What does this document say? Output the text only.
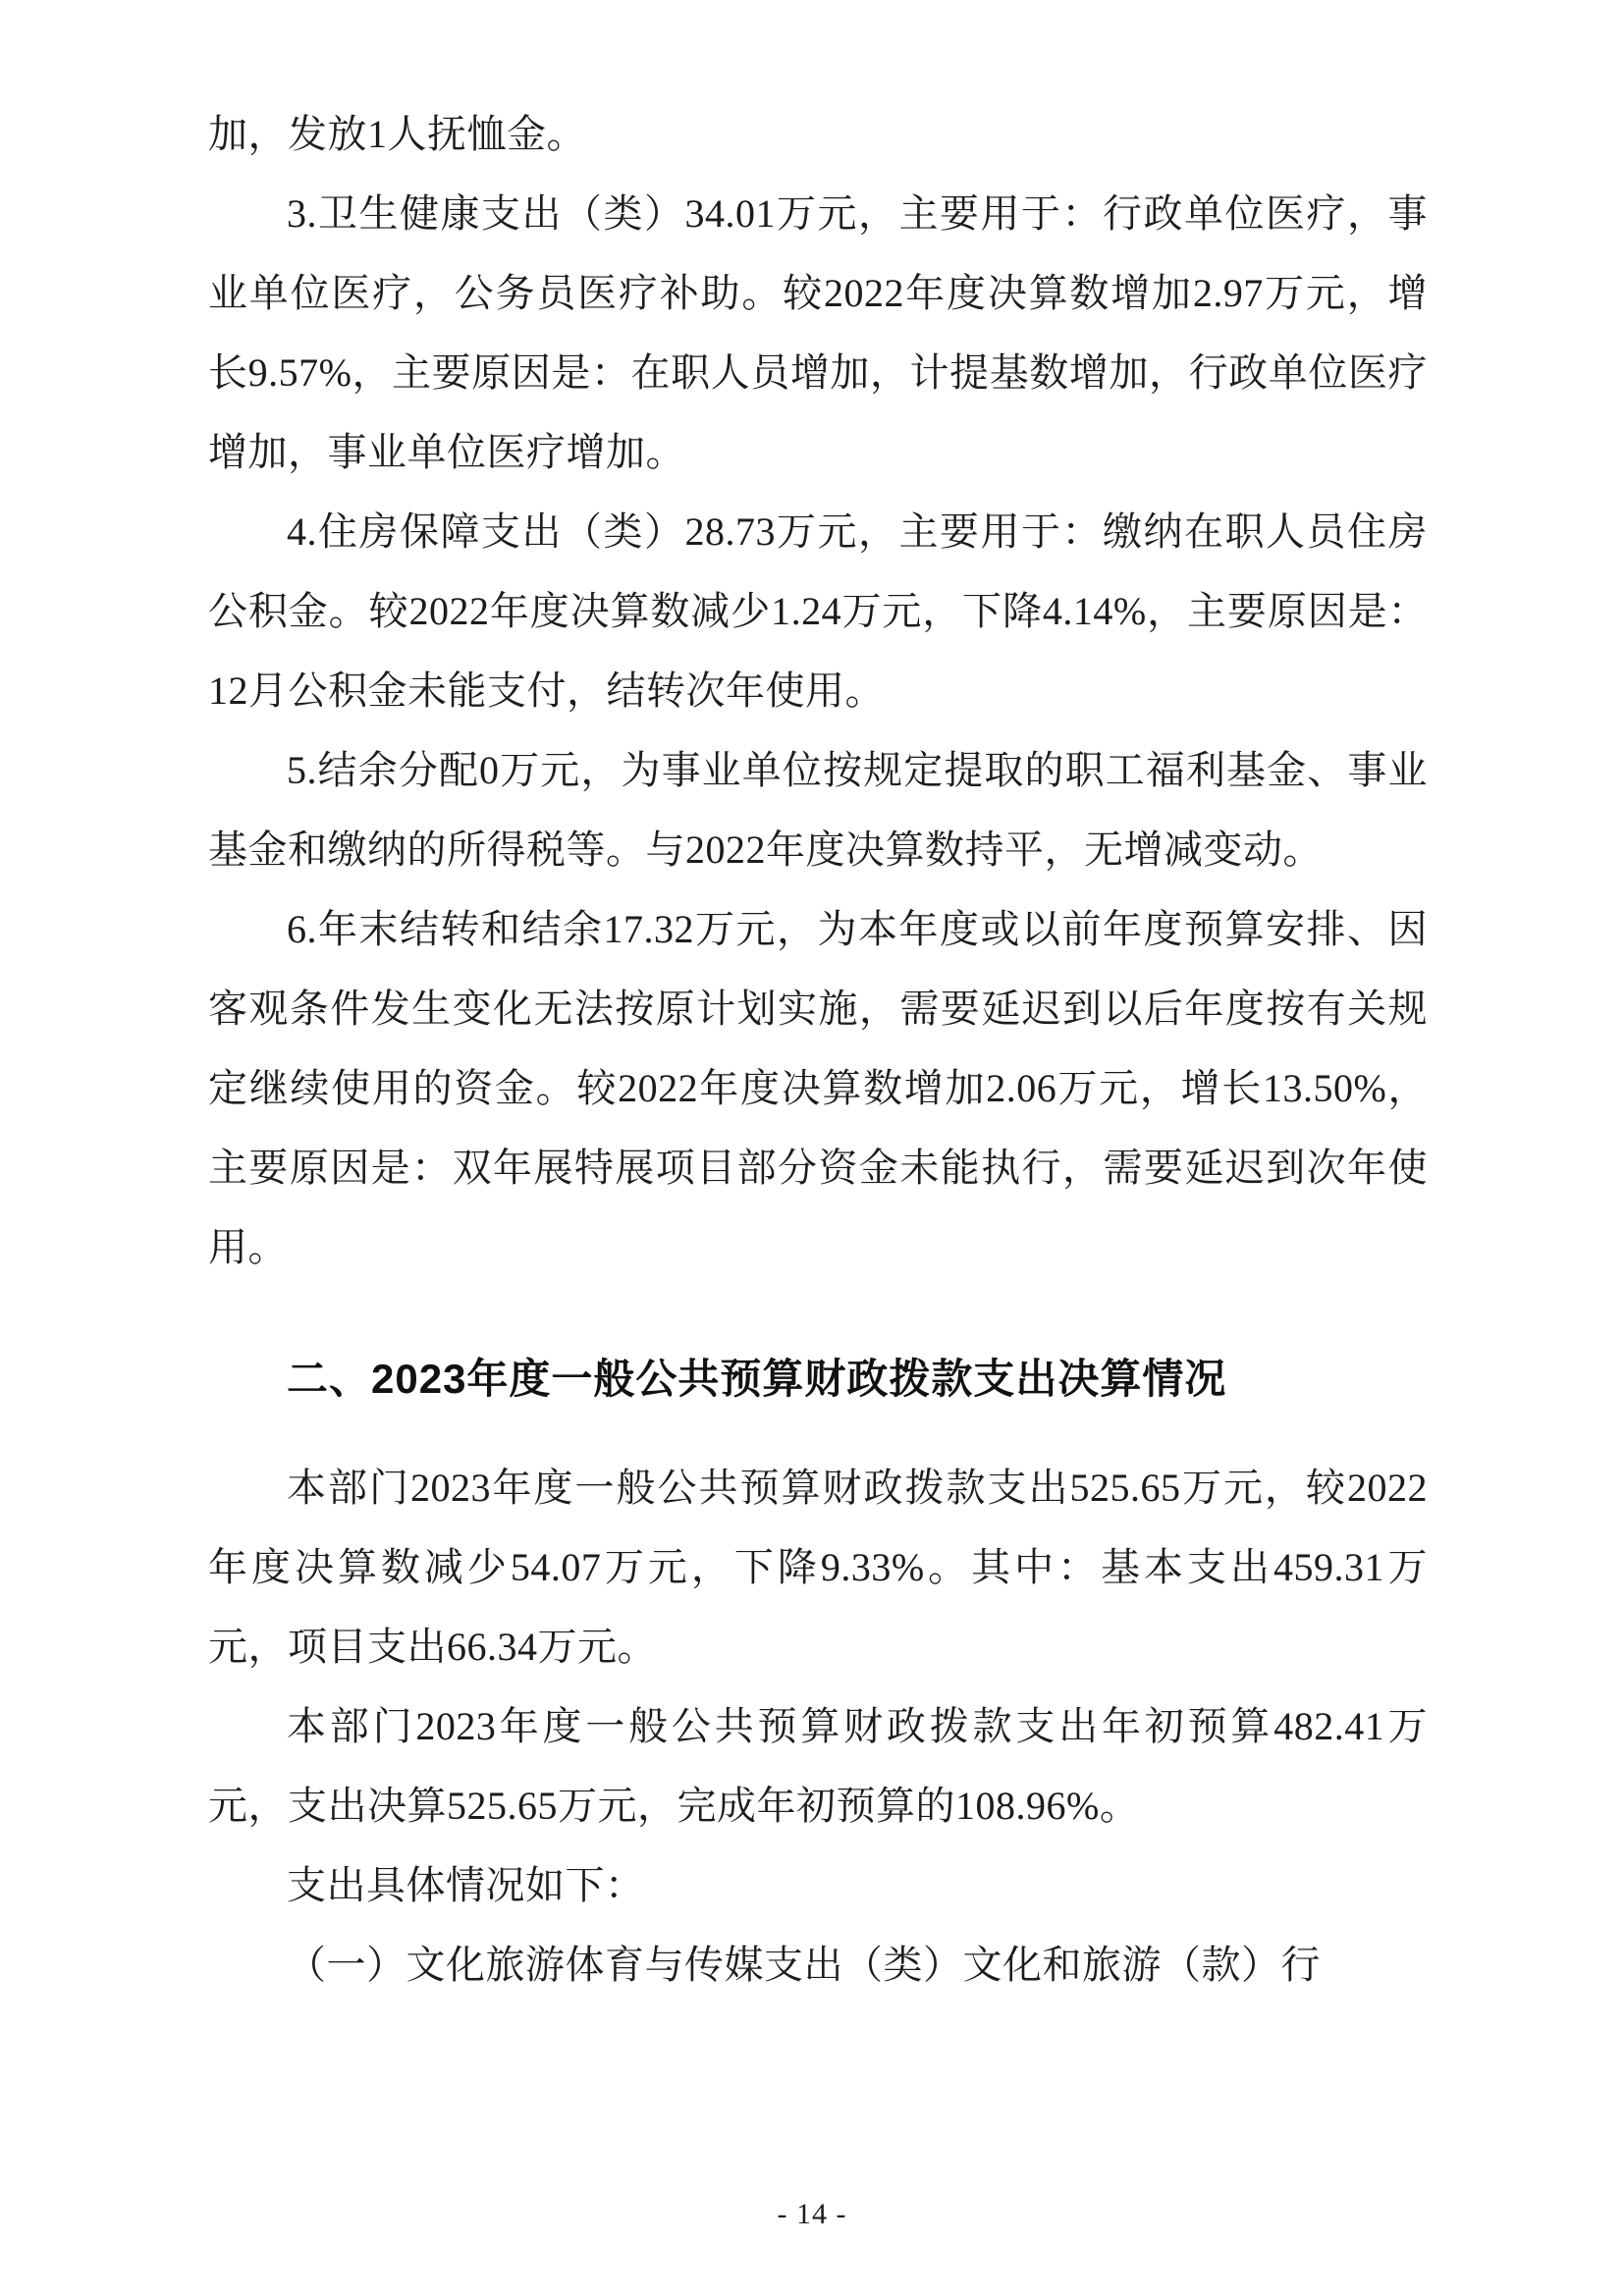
加，发放1人抚恤金。

3.卫生健康支出（类）34.01万元，主要用于：行政单位医疗，事业单位医疗，公务员医疗补助。较2022年度决算数增加2.97万元，增长9.57%，主要原因是：在职人员增加，计提基数增加，行政单位医疗增加，事业单位医疗增加。

4.住房保障支出（类）28.73万元，主要用于：缴纳在职人员住房公积金。较2022年度决算数减少1.24万元，下降4.14%，主要原因是：12月公积金未能支付，结转次年使用。

5.结余分配0万元，为事业单位按规定提取的职工福利基金、事业基金和缴纳的所得税等。与2022年度决算数持平，无增减变动。

6.年末结转和结余17.32万元，为本年度或以前年度预算安排、因客观条件发生变化无法按原计划实施，需要延迟到以后年度按有关规定继续使用的资金。较2022年度决算数增加2.06万元，增长13.50%，主要原因是：双年展特展项目部分资金未能执行，需要延迟到次年使用。

二、2023年度一般公共预算财政拨款支出决算情况

本部门2023年度一般公共预算财政拨款支出525.65万元，较2022年度决算数减少54.07万元，下降9.33%。其中：基本支出459.31万元，项目支出66.34万元。

本部门2023年度一般公共预算财政拨款支出年初预算482.41万元，支出决算525.65万元，完成年初预算的108.96%。

支出具体情况如下：

（一）文化旅游体育与传媒支出（类）文化和旅游（款）行

- 14 -
